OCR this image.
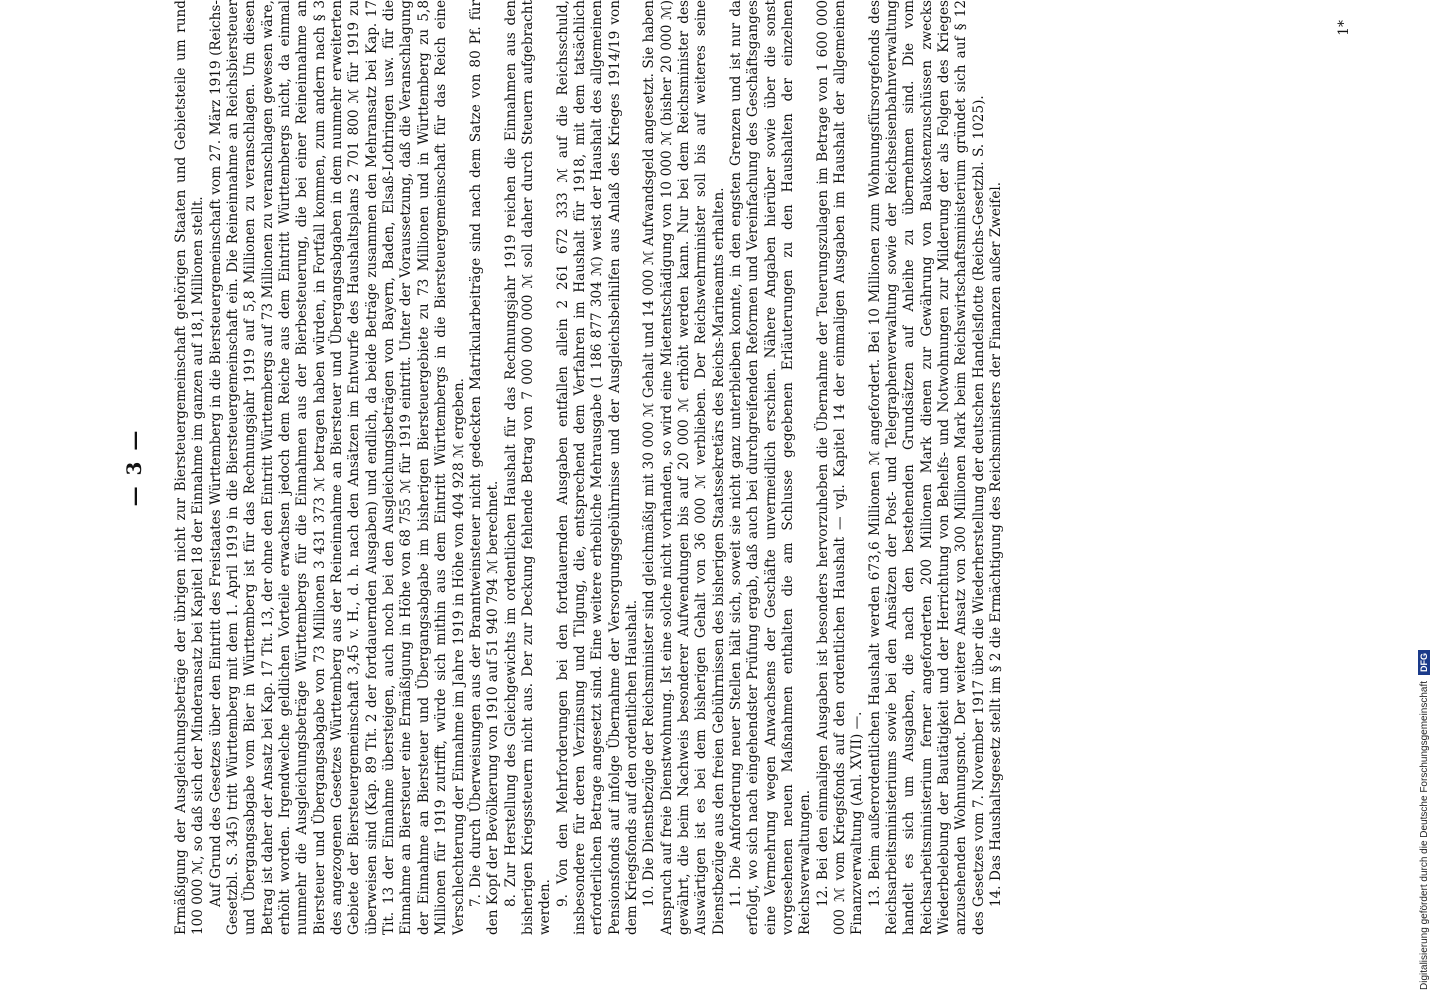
— 3 — Ermäßigung der Ausgleichungsbeträge der übrigen nicht zur Biersteuergemeinschaft gehörigen Staaten und Gebietsteile um rund 100 000 ℳ, so daß sich der Minderansatz bei Kapitel 18 der Einnahme im ganzen auf 18,1 Millionen stellt. Auf Grund des Gesetzes über den Eintritt des Freistaates Württemberg in die Biersteuergemeinschaft vom 27. März 1919 (Reichs-Gesetzbl. S. 345) tritt Württemberg mit dem 1. April 1919 in die Biersteuergemeinschaft ein. Die Reineinnahme an Reichsbiersteuer und Übergangsabgabe vom Bier in Württemberg ist für das Rechnungsjahr 1919 auf 5,8 Millionen zu veranschlagen. Um diesen Betrag ist daher der Ansatz bei Kap. 17 Tit. 13, der ohne den Eintritt Württembergs auf 73 Millionen zu veranschlagen gewesen wäre, erhöht worden. Irgendwelche geldlichen Vorteile erwachsen jedoch dem Reiche aus dem Eintritt Württembergs nicht, da einmal nunmehr die Ausgleichungsbeträge Württembergs für die Einnahmen aus der Bierbesteuerung, die bei einer Reineinnahme an Biersteuer und Übergangsabgabe von 73 Millionen 3 431 373 ℳ betragen haben würden, in Fortfall kommen, zum andern nach § 3 des angezogenen Gesetzes Württemberg aus der Reineinnahme an Biersteuer und Übergangsabgaben in dem nunmehr erweiterten Gebiete der Biersteuergemeinschaft 3,45 v. H., d. h. nach den Ansätzen im Entwurfe des Haushaltsplans 2 701 800 ℳ für 1919 zu überweisen sind (Kap. 89 Tit. 2 der fortdauernden Ausgaben) und endlich, da beide Beträge zusammen den Mehransatz bei Kap. 17 Tit. 13 der Einnahme übersteigen, auch noch bei den Ausgleichungsbeträgen von Bayern, Baden, Elsaß-Lothringen usw. für die Einnahme an Biersteuer eine Ermäßigung in Höhe von 68 755 ℳ für 1919 eintritt. Unter der Voraussetzung, daß die Veranschlagung der Einnahme an Biersteuer und Übergangsabgabe im bisherigen Biersteuergebiete zu 73 Millionen und in Württemberg zu 5,8 Millionen für 1919 zutrifft, würde sich mithin aus dem Eintritt Württembergs in die Biersteuergemeinschaft für das Reich eine Verschlechterung der Einnahme im Jahre 1919 in Höhe von 404 928 ℳ ergeben. 7. Die durch Überweisungen aus der Branntweinsteuer nicht gedeckten Matrikularbeiträge sind nach dem Satze von 80 Pf. für den Kopf der Bevölkerung von 1910 auf 51 940 794 ℳ berechnet. 8. Zur Herstellung des Gleichgewichts im ordentlichen Haushalt für das Rechnungsjahr 1919 reichen die Einnahmen aus den bisherigen Kriegssteuern nicht aus. Der zur Deckung fehlende Betrag von 7 000 000 000 ℳ soll daher durch Steuern aufgebracht werden. 9. Von den Mehrforderungen bei den fortdauernden Ausgaben entfallen allein 2 261 672 333 ℳ auf die Reichsschuld, insbesondere für deren Verzinsung und Tilgung, die, entsprechend dem Verfahren im Haushalt für 1918, mit dem tatsächlich erforderlichen Betrage angesetzt sind. Eine weitere erhebliche Mehrausgabe (1 186 877 304 ℳ) weist der Haushalt des allgemeinen Pensionsfonds auf infolge Übernahme der Versorgungsgebührnisse und der Ausgleichsbeihilfen aus Anlaß des Krieges 1914/19 von dem Kriegsfonds auf den ordentlichen Haushalt. 10. Die Dienstbezüge der Reichsminister sind gleichmäßig mit 30 000 ℳ Gehalt und 14 000 ℳ Aufwandsgeld angesetzt. Sie haben Anspruch auf freie Dienstwohnung. Ist eine solche nicht vorhanden, so wird eine Mietentschädigung von 10 000 ℳ (bisher 20 000 ℳ) gewährt, die beim Nachweis besonderer Aufwendungen bis auf 20 000 ℳ erhöht werden kann. Nur bei dem Reichsminister des Auswärtigen ist es bei dem bisherigen Gehalt von 36 000 ℳ verblieben. Der Reichswehrminister soll bis auf weiteres seine Dienstbezüge aus den freien Gebührnissen des bisherigen Staatssekretärs des Reichs-Marineamts erhalten. 11. Die Anforderung neuer Stellen hält sich, soweit sie nicht ganz unterbleiben konnte, in den engsten Grenzen und ist nur da erfolgt, wo sich nach eingehendster Prüfung ergab, daß auch bei durchgreifenden Reformen und Vereinfachung des Geschäftsganges eine Vermehrung wegen Anwachsens der Geschäfte unvermeidlich erschien. Nähere Angaben hierüber sowie über die sonst vorgesehenen neuen Maßnahmen enthalten die am Schlusse gegebenen Erläuterungen zu den Haushalten der einzelnen Reichsverwaltungen. 12. Bei den einmaligen Ausgaben ist besonders hervorzuheben die Übernahme der Teuerungszulagen im Betrage von 1 600 000 000 ℳ vom Kriegsfonds auf den ordentlichen Haushalt — vgl. Kapitel 14 der einmaligen Ausgaben im Haushalt der allgemeinen Finanzverwaltung (Anl. XVII) —. 13. Beim außerordentlichen Haushalt werden 673,6 Millionen ℳ angefordert. Bei 10 Millionen zum Wohnungsfürsorgefonds des Reichsarbeitsministeriums sowie bei den Ansätzen der Post- und Telegraphenverwaltung sowie der Reichseisenbahnverwaltung handelt es sich um Ausgaben, die nach den bestehenden Grundsätzen auf Anleihe zu übernehmen sind. Die vom Reichsarbeitsministerium ferner angeforderten 200 Millionen Mark dienen zur Gewährung von Baukostenzuschüssen zwecks Wiederbelebung der Bautätigkeit und der Herrichtung von Behelfs- und Notwohnungen zur Milderung der als Folgen des Krieges anzusehenden Wohnungsnot. Der weitere Ansatz von 300 Millionen Mark beim Reichswirtschaftsministerium gründet sich auf § 12 des Gesetzes vom 7. November 1917 über die Wiederherstellung der deutschen Handelsflotte (Reichs-Gesetzbl. S. 1025). 14. Das Haushaltsgesetz stellt im § 2 die Ermächtigung des Reichsministers der Finanzen außer Zweifel.

1*
Digitalisierung gefördert durch die Deutsche Forschungsgemeinschaft
DFG
